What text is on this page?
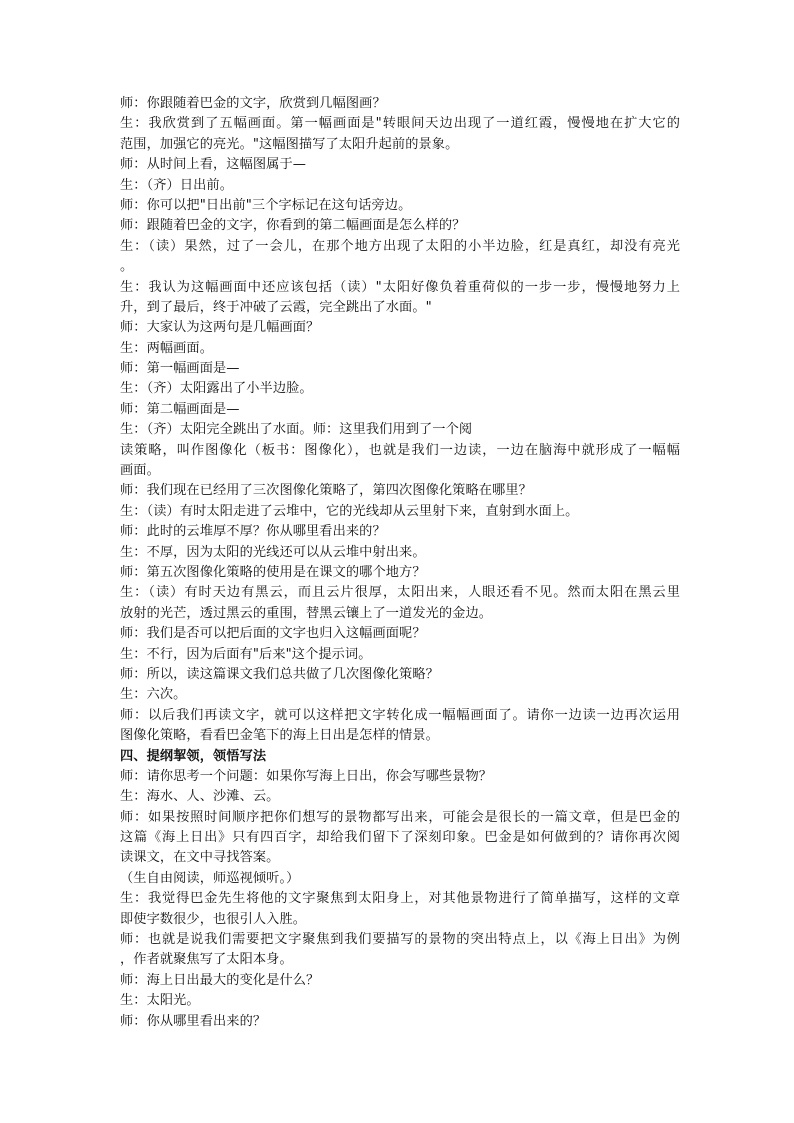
师：你跟随着巴金的文字，欣赏到几幅图画？
生：我欣赏到了五幅画面。第一幅画面是"转眼间天边出现了一道红霞，慢慢地在扩大它的
范围，加强它的亮光。"这幅图描写了太阳升起前的景象。
师：从时间上看，这幅图属于—
生：（齐）日出前。
师：你可以把"日出前"三个字标记在这句话旁边。
师：跟随着巴金的文字，你看到的第二幅画面是怎么样的？
生：（读）果然，过了一会儿，在那个地方出现了太阳的小半边脸，红是真红，却没有亮光
。
生：我认为这幅画面中还应该包括（读）"太阳好像负着重荷似的一步一步，慢慢地努力上
升，到了最后，终于冲破了云霞，完全跳出了水面。"
师：大家认为这两句是几幅画面？
生：两幅画面。
师：第一幅画面是—
生：（齐）太阳露出了小半边脸。
师：第二幅画面是—
生：（齐）太阳完全跳出了水面。师：这里我们用到了一个阅
读策略，叫作图像化（板书：图像化），也就是我们一边读，一边在脑海中就形成了一幅幅
画面。
师：我们现在已经用了三次图像化策略了，第四次图像化策略在哪里？
生：（读）有时太阳走进了云堆中，它的光线却从云里射下来，直射到水面上。
师：此时的云堆厚不厚？你从哪里看出来的？
生：不厚，因为太阳的光线还可以从云堆中射出来。
师：第五次图像化策略的使用是在课文的哪个地方？
生：（读）有时天边有黑云，而且云片很厚，太阳出来，人眼还看不见。然而太阳在黑云里
放射的光芒，透过黑云的重围，替黑云镶上了一道发光的金边。
师：我们是否可以把后面的文字也归入这幅画面呢？
生：不行，因为后面有"后来"这个提示词。
师：所以，读这篇课文我们总共做了几次图像化策略？
生：六次。
师：以后我们再读文字，就可以这样把文字转化成一幅幅画面了。请你一边读一边再次运用
图像化策略，看看巴金笔下的海上日出是怎样的情景。
四、提纲挈领，领悟写法
师：请你思考一个问题：如果你写海上日出，你会写哪些景物？
生：海水、人、沙滩、云。
师：如果按照时间顺序把你们想写的景物都写出来，可能会是很长的一篇文章，但是巴金的
这篇《海上日出》只有四百字，却给我们留下了深刻印象。巴金是如何做到的？请你再次阅
读课文，在文中寻找答案。
（生自由阅读，师巡视倾听。）
生：我觉得巴金先生将他的文字聚焦到太阳身上，对其他景物进行了简单描写，这样的文章
即使字数很少，也很引人入胜。
师：也就是说我们需要把文字聚焦到我们要描写的景物的突出特点上，以《海上日出》为例
，作者就聚焦写了太阳本身。
师：海上日出最大的变化是什么？
生：太阳光。
师：你从哪里看出来的？
